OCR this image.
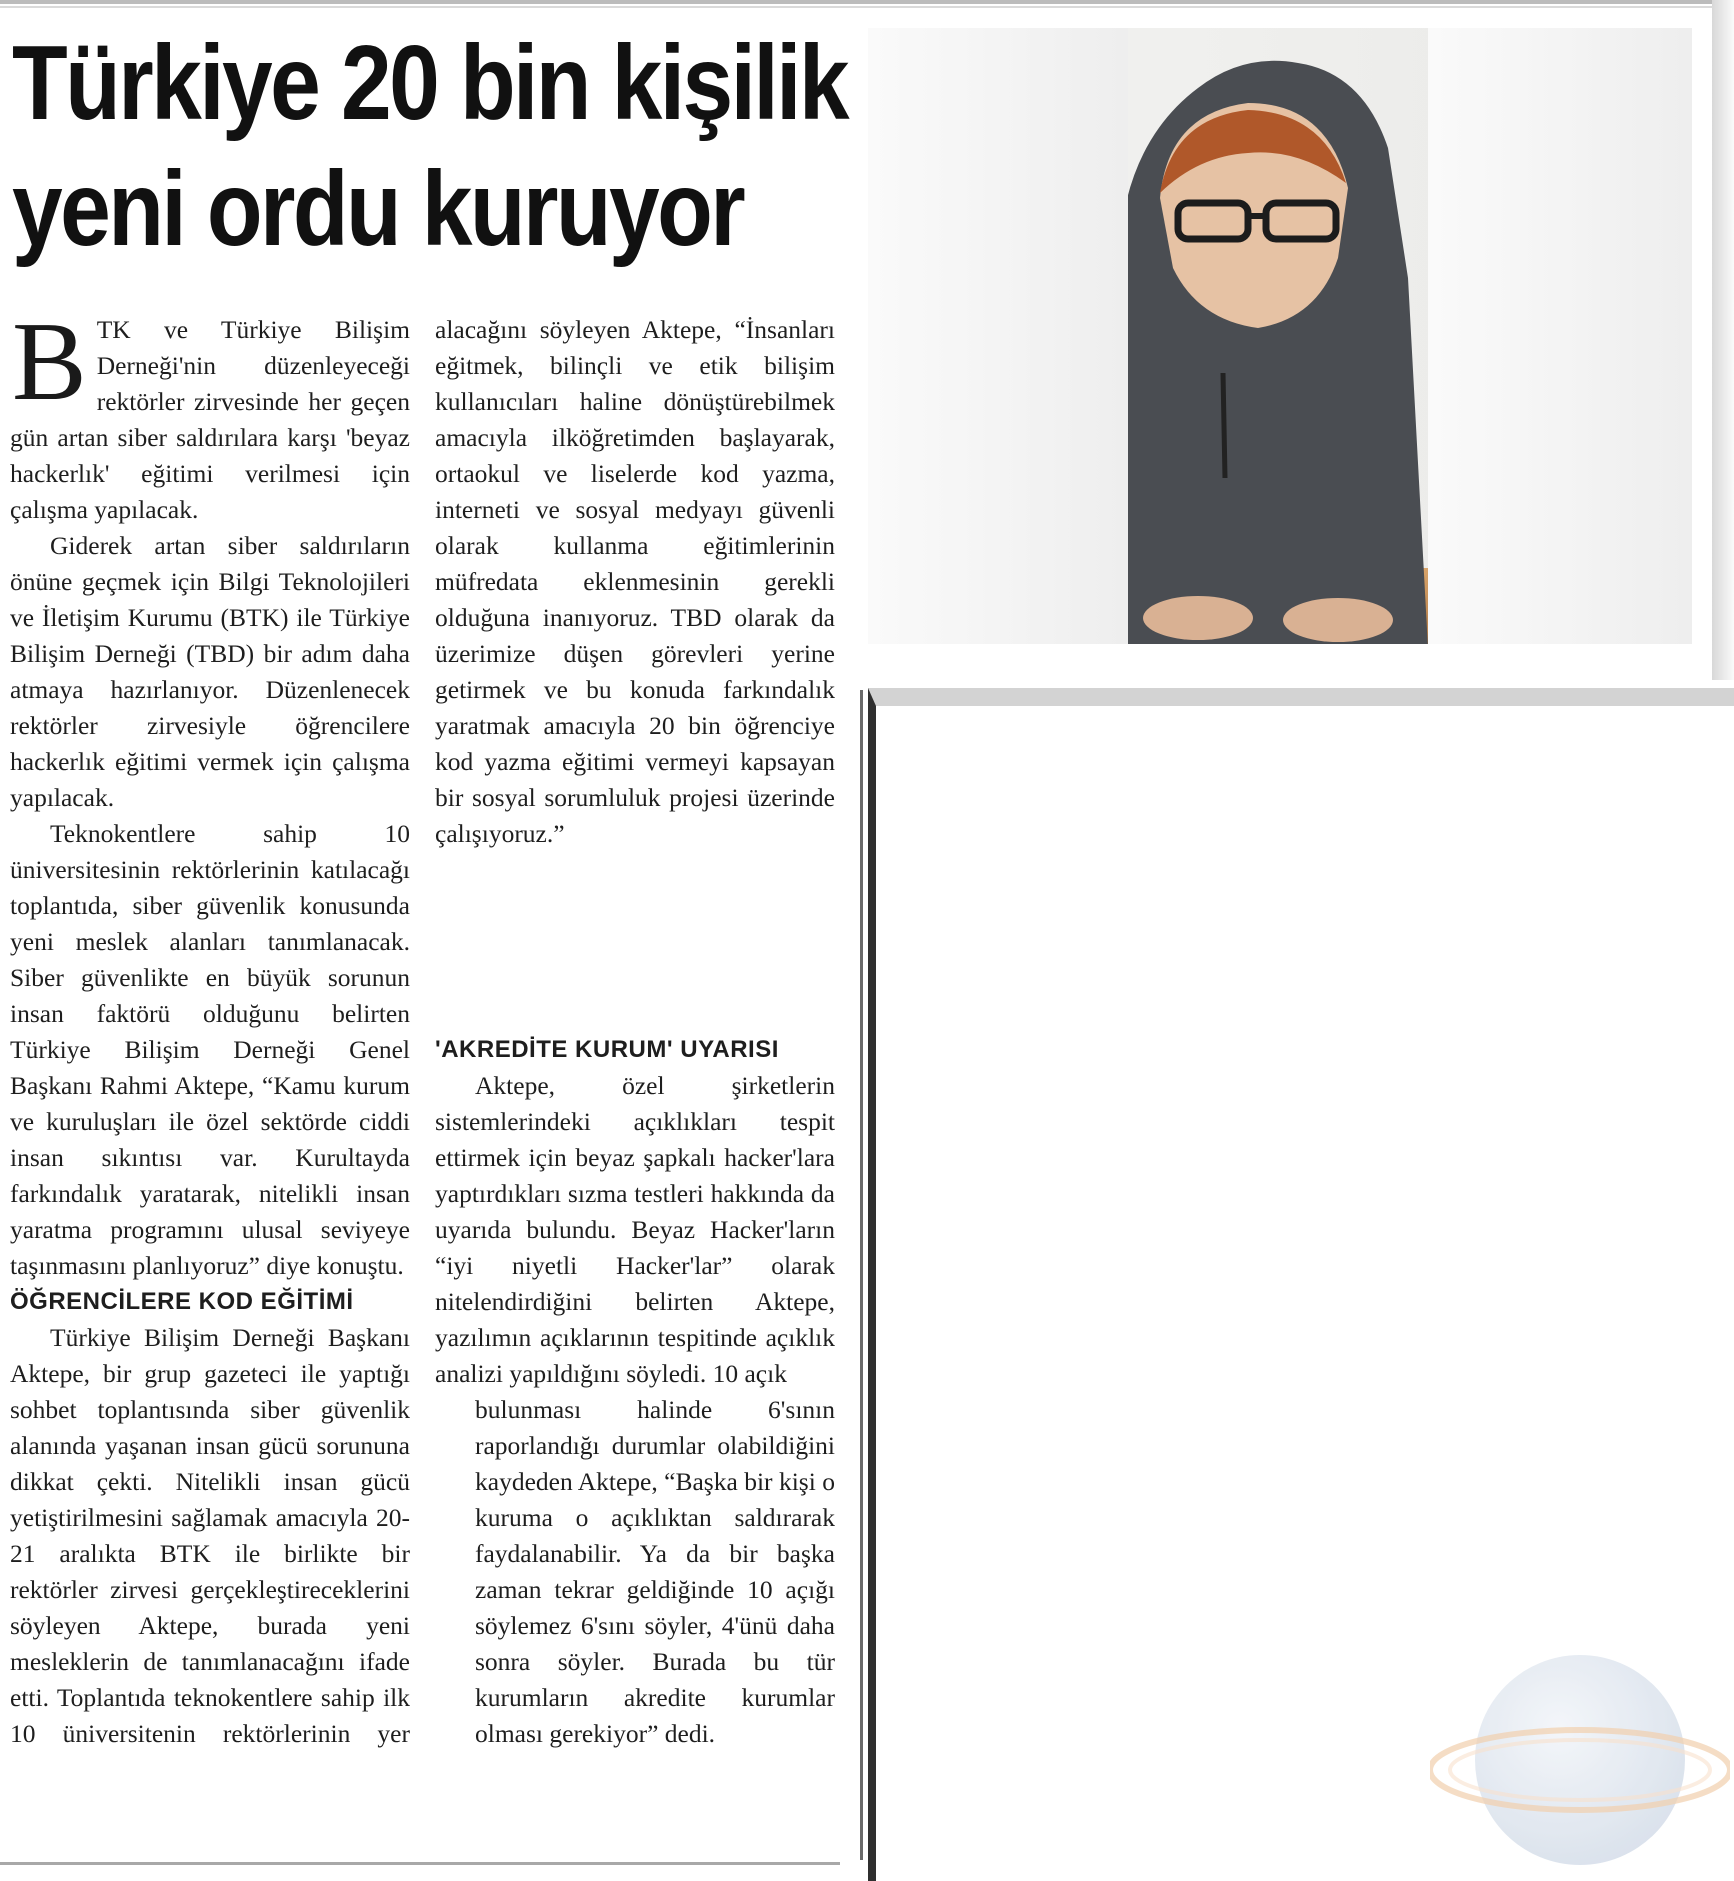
Türkiye 20 bin kişilik
yeni ordu kuruyor

BTK ve Türkiye Bilişim Derneği'nin düzenleyeceği rektörler zirvesinde her geçen gün artan siber saldırılara karşı 'beyaz hackerlık' eğitimi verilmesi için çalışma yapılacak.

Giderek artan siber saldırıların önüne geçmek için Bilgi Teknolojileri ve İletişim Kurumu (BTK) ile Türkiye Bilişim Derneği (TBD) bir adım daha atmaya hazırlanıyor. Düzenlenecek rektörler zirvesiyle öğrencilere hackerlık eğitimi vermek için çalışma yapılacak.

Teknokentlere sahip 10 üniversitesinin rektörlerinin katılacağı toplantıda, siber güvenlik konusunda yeni meslek alanları tanımlanacak. Siber güvenlikte en büyük sorunun insan faktörü olduğunu belirten Türkiye Bilişim Derneği Genel Başkanı Rahmi Aktepe, “Kamu kurum ve kuruluşları ile özel sektörde ciddi insan sıkıntısı var. Kurultayda farkındalık yaratarak, nitelikli insan yaratma programını ulusal seviyeye taşınmasını planlıyoruz” diye konuştu.

ÖĞRENCİLERE KOD EĞİTİMİ

Türkiye Bilişim Derneği Başkanı Aktepe, bir grup gazeteci ile yaptığı sohbet toplantısında siber güvenlik alanında yaşanan insan gücü sorununa dikkat çekti. Nitelikli insan gücü yetiştirilmesini sağlamak amacıyla 20-21 aralıkta BTK ile birlikte bir rektörler zirvesi gerçekleştireceklerini söyleyen Aktepe, burada yeni mesleklerin de tanımlanacağını ifade etti. Toplantıda teknokentlere sahip ilk 10 üniversitenin rektörlerinin yer

alacağını söyleyen Aktepe, “İnsanları eğitmek, bilinçli ve etik bilişim kullanıcıları haline dönüştürebilmek amacıyla ilköğretimden başlayarak, ortaokul ve liselerde kod yazma, interneti ve sosyal medyayı güvenli olarak kullanma eğitimlerinin müfredata eklenmesinin gerekli olduğuna inanıyoruz. TBD olarak da üzerimize düşen görevleri yerine getirmek ve bu konuda farkındalık yaratmak amacıyla 20 bin öğrenciye kod yazma eğitimi vermeyi kapsayan bir sosyal sorumluluk projesi üzerinde çalışıyoruz.”

'AKREDİTE KURUM' UYARISI

Aktepe, özel şirketlerin sistemlerindeki açıklıkları tespit ettirmek için beyaz şapkalı hacker'lara yaptırdıkları sızma testleri hakkında da uyarıda bulundu. Beyaz Hacker'ların “iyi niyetli Hacker'lar” olarak nitelendirdiğini belirten Aktepe, yazılımın açıklarının tespitinde açıklık analizi yapıldığını söyledi. 10 açık

bulunması halinde 6'sının raporlandığı durumlar olabildiğini kaydeden Aktepe, “Başka bir kişi o kuruma o açıklıktan saldırarak faydalanabilir. Ya da bir başka zaman tekrar geldiğinde 10 açığı söylemez 6'sını söyler, 4'ünü daha sonra söyler. Burada bu tür kurumların akredite kurumlar olması gerekiyor” dedi.
